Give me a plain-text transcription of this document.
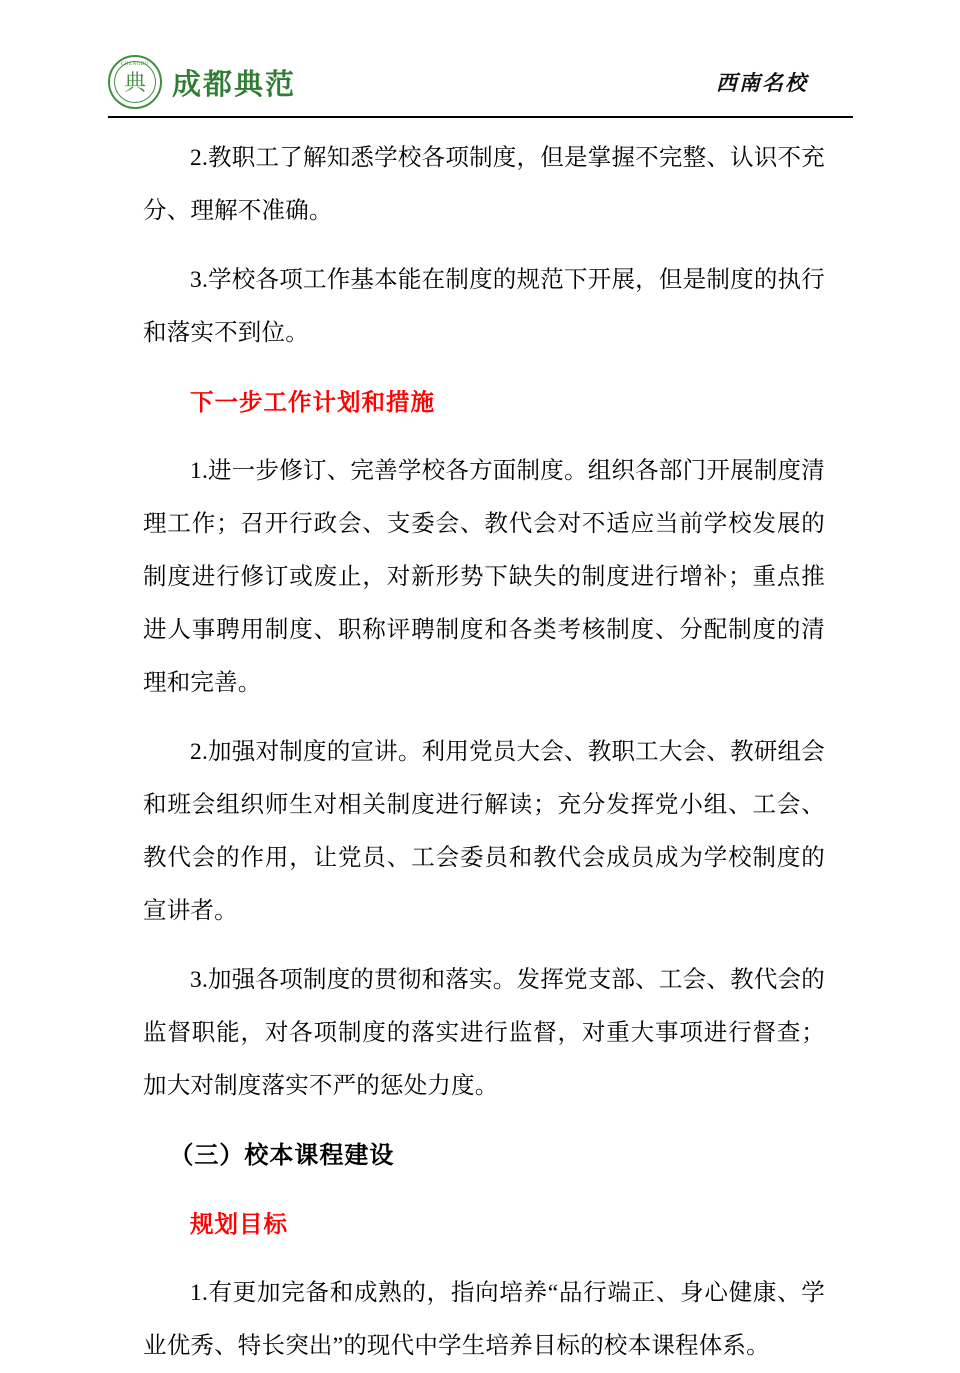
CHENGDU
典 成都典范	西南名校

2.教职工了解知悉学校各项制度，但是掌握不完整、认识不充分、理解不准确。

3.学校各项工作基本能在制度的规范下开展，但是制度的执行和落实不到位。

下一步工作计划和措施

1.进一步修订、完善学校各方面制度。组织各部门开展制度清理工作；召开行政会、支委会、教代会对不适应当前学校发展的制度进行修订或废止，对新形势下缺失的制度进行增补；重点推进人事聘用制度、职称评聘制度和各类考核制度、分配制度的清理和完善。

2.加强对制度的宣讲。利用党员大会、教职工大会、教研组会和班会组织师生对相关制度进行解读；充分发挥党小组、工会、教代会的作用，让党员、工会委员和教代会成员成为学校制度的宣讲者。

3.加强各项制度的贯彻和落实。发挥党支部、工会、教代会的监督职能，对各项制度的落实进行监督，对重大事项进行督查；加大对制度落实不严的惩处力度。

（三）校本课程建设
规划目标

1.有更加完备和成熟的，指向培养“品行端正、身心健康、学业优秀、特长突出”的现代中学生培养目标的校本课程体系。
